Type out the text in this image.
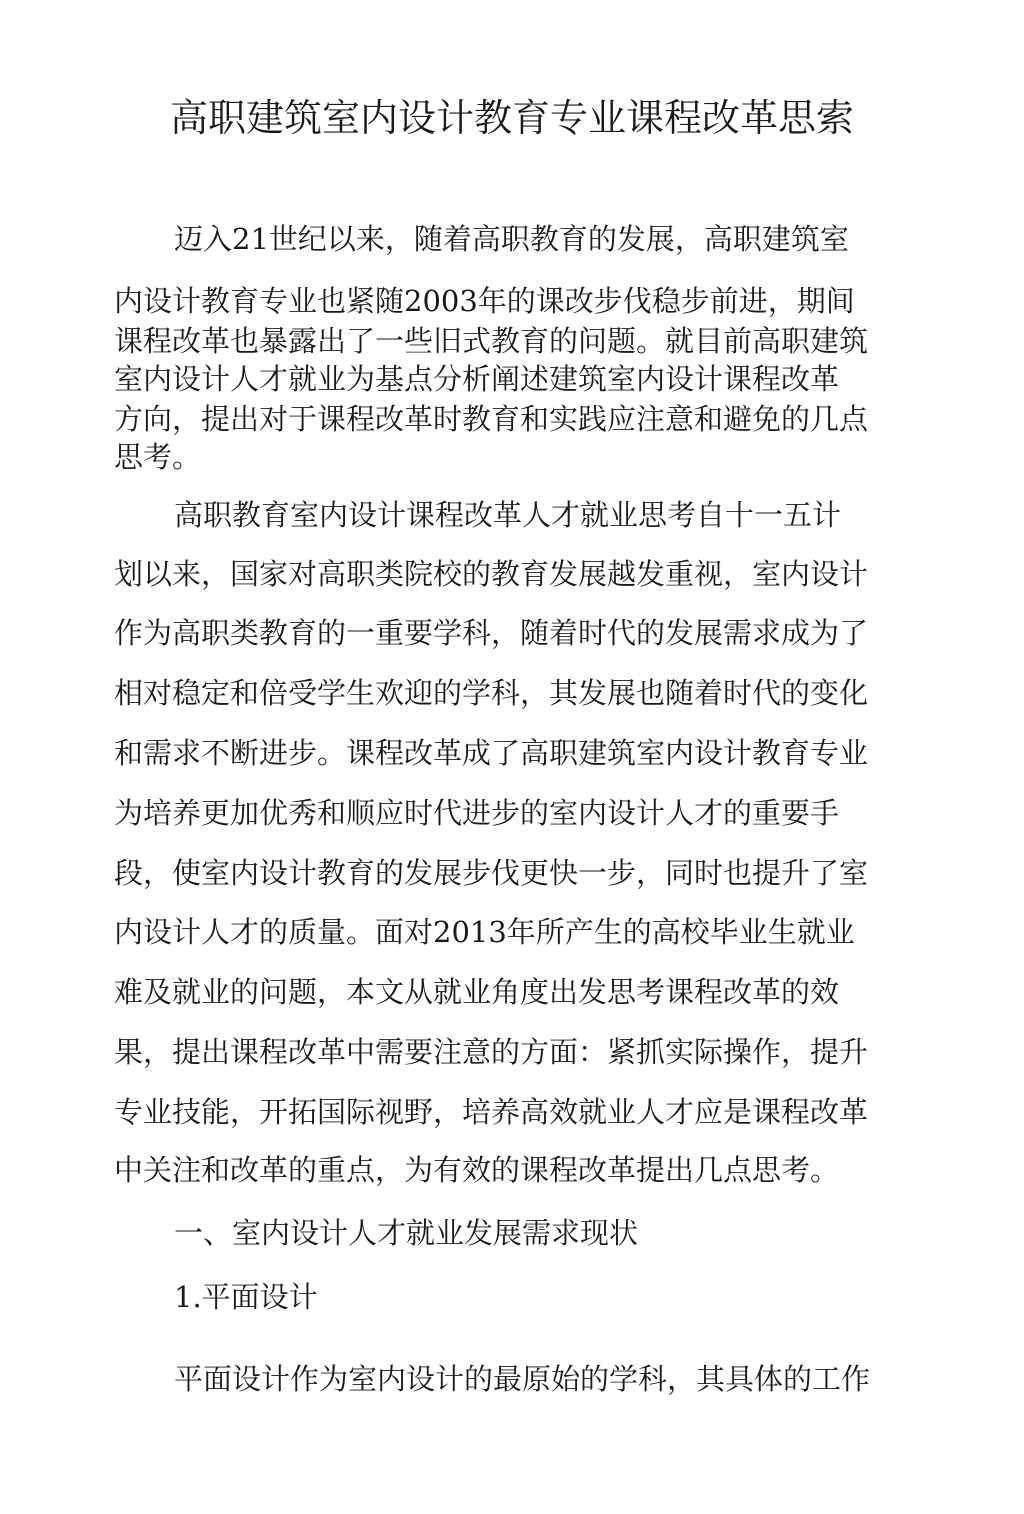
高职建筑室内设计教育专业课程改革思索

迈入21世纪以来，随着高职教育的发展，高职建筑室

内设计教育专业也紧随2003年的课改步伐稳步前进，期间

课程改革也暴露出了一些旧式教育的问题。就目前高职建筑

室内设计人才就业为基点分析阐述建筑室内设计课程改革

方向，提出对于课程改革时教育和实践应注意和避免的几点

思考。

高职教育室内设计课程改革人才就业思考自十一五计

划以来，国家对高职类院校的教育发展越发重视，室内设计

作为高职类教育的一重要学科，随着时代的发展需求成为了

相对稳定和倍受学生欢迎的学科，其发展也随着时代的变化

和需求不断进步。课程改革成了高职建筑室内设计教育专业

为培养更加优秀和顺应时代进步的室内设计人才的重要手

段，使室内设计教育的发展步伐更快一步，同时也提升了室

内设计人才的质量。面对2013年所产生的高校毕业生就业

难及就业的问题，本文从就业角度出发思考课程改革的效

果，提出课程改革中需要注意的方面：紧抓实际操作，提升

专业技能，开拓国际视野，培养高效就业人才应是课程改革

中关注和改革的重点，为有效的课程改革提出几点思考。

一、室内设计人才就业发展需求现状

1.平面设计

平面设计作为室内设计的最原始的学科，其具体的工作
